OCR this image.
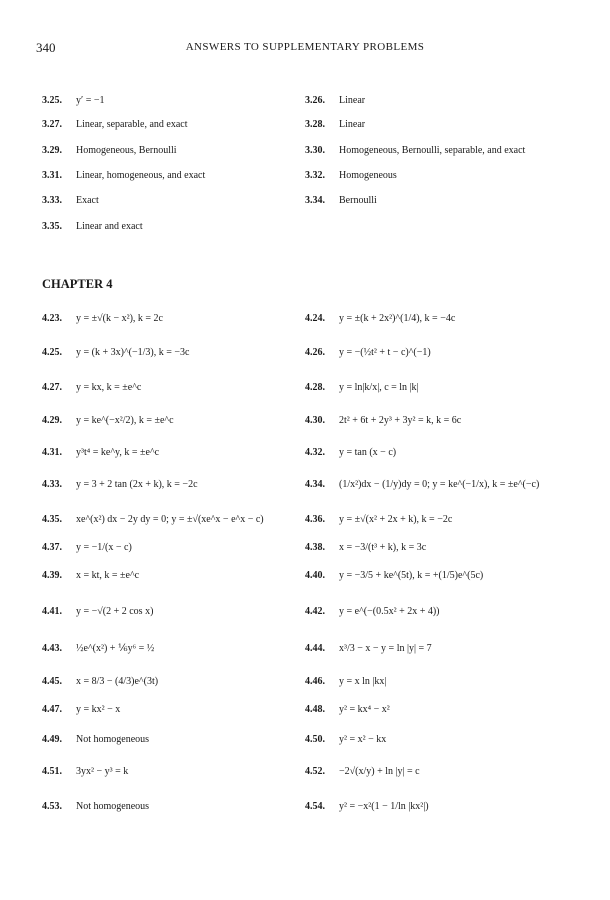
340	ANSWERS TO SUPPLEMENTARY PROBLEMS
3.25. y′ = −1	3.26. Linear
3.27. Linear, separable, and exact	3.28. Linear
3.29. Homogeneous, Bernoulli	3.30. Homogeneous, Bernoulli, separable, and exact
3.31. Linear, homogeneous, and exact	3.32. Homogeneous
3.33. Exact	3.34. Bernoulli
3.35. Linear and exact
CHAPTER 4
4.23. y = ±√(k − x²), k = 2c	4.24. y = ±(k + 2x²)^(1/4), k = −4c
4.25. y = (k + 3x)^(−1/3), k = −3c	4.26. y = −(½t² + t − c)^(−1)
4.27. y = kx, k = ±e^c	4.28. y = ln|k/x|, c = ln |k|
4.29. y = ke^(−x²/2), k = ±e^c	4.30. 2t² + 6t + 2y³ + 3y² = k, k = 6c
4.31. y³t⁴ = ke^y, k = ±e^c	4.32. y = tan (x − c)
4.33. y = 3 + 2 tan (2x + k), k = −2c	4.34. (1/x²)dx − (1/y)dy = 0; y = ke^(−1/x), k = ±e^(−c)
4.35. xe^(x²) dx − 2y dy = 0; y = ±√(xe^x − e^x − c)	4.36. y = ±√(x² + 2x + k), k = −2c
4.37. y = −1/(x − c)	4.38. x = −3/(t³ + k), k = 3c
4.39. x = kt, k = ±e^c	4.40. y = −3/5 + ke^(5t), k = +(1/5)e^(5c)
4.41. y = −√(2 + 2 cos x)	4.42. y = e^(−(0.5x² + 2x + 4))
4.43. ½e^(x²) + ⅙y⁶ = ½	4.44. x³/3 − x − y = ln |y| = 7
4.45. x = 8/3 − (4/3)e^(3t)	4.46. y = x ln |kx|
4.47. y = kx² − x	4.48. y² = kx⁴ − x²
4.49. Not homogeneous	4.50. y² = x² − kx
4.51. 3yx² − y³ = k	4.52. −2√(x/y) + ln |y| = c
4.53. Not homogeneous	4.54. y² = −x²(1 − 1/ln |kx²|)
